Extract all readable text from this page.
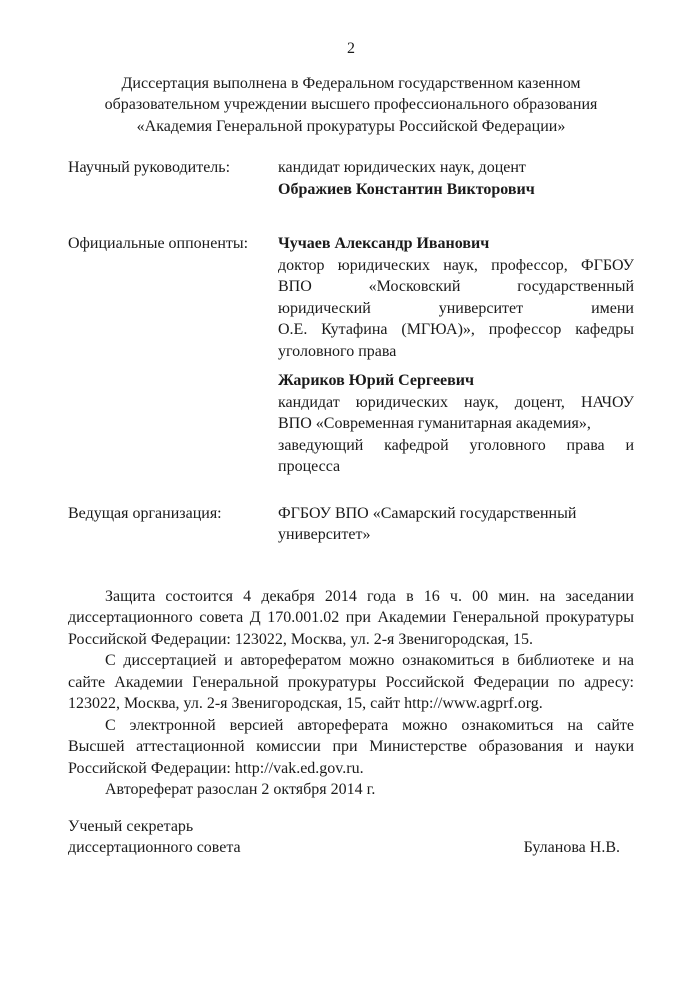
2
Диссертация выполнена в Федеральном государственном казенном
образовательном учреждении высшего профессионального образования
«Академия Генеральной прокуратуры Российской Федерации»
Научный руководитель:	кандидат юридических наук, доцент
Ображиев Константин Викторович
Официальные оппоненты:	Чучаев Александр Иванович
доктор юридических наук, профессор, ФГБОУ
ВПО «Московский государственный
юридический университет имени
О.Е. Кутафина (МГЮА)», профессор кафедры
уголовного права
Жариков Юрий Сергеевич
кандидат юридических наук, доцент, НАЧОУ
ВПО «Современная гуманитарная академия»,
заведующий кафедрой уголовного права и
процесса
Ведущая организация:	ФГБОУ ВПО «Самарский государственный
университет»
Защита состоится 4 декабря 2014 года в 16 ч. 00 мин. на заседании
диссертационного совета Д 170.001.02 при Академии Генеральной прокуратуры
Российской Федерации: 123022, Москва, ул. 2-я Звенигородская, 15.
С диссертацией и авторефератом можно ознакомиться в библиотеке и на
сайте Академии Генеральной прокуратуры Российской Федерации по адресу:
123022, Москва, ул. 2-я Звенигородская, 15, сайт http://www.agprf.org.
С электронной версией автореферата можно ознакомиться на сайте
Высшей аттестационной комиссии при Министерстве образования и науки
Российской Федерации: http://vak.ed.gov.ru.

Автореферат разослан 2 октября 2014 г.

Ученый секретарь
диссертационного совета	Буланова Н.В.
